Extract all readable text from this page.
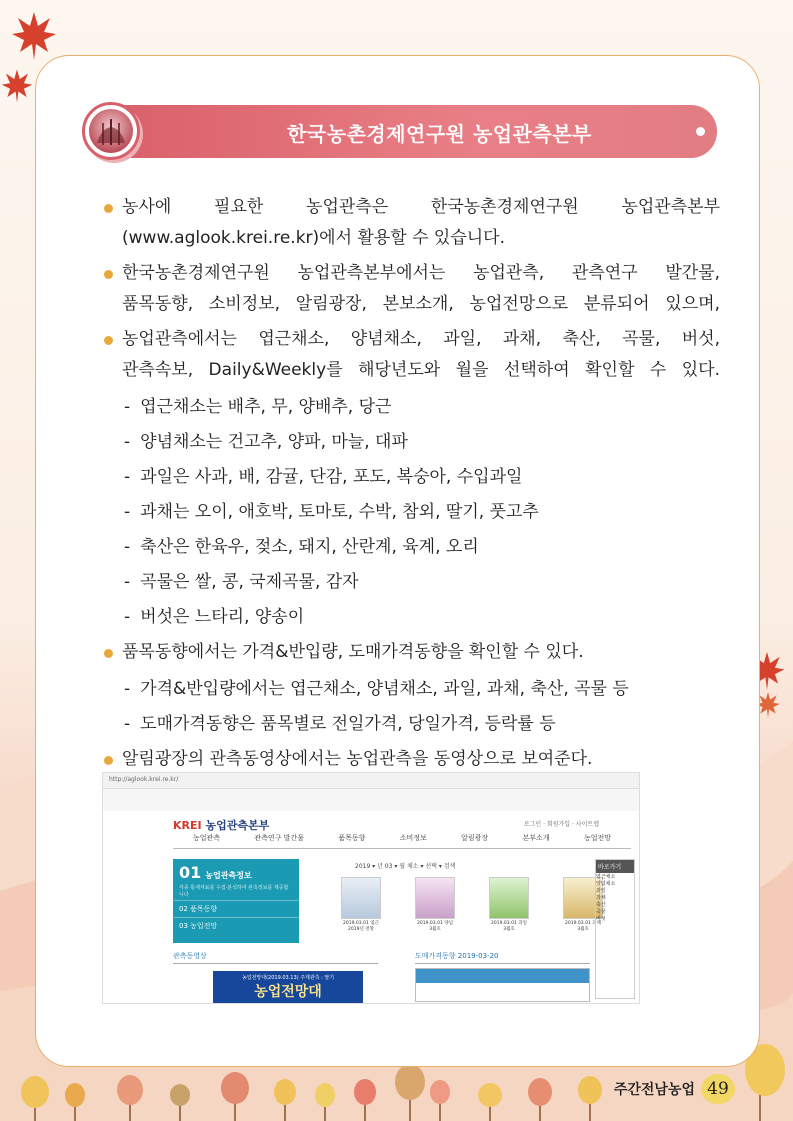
한국농촌경제연구원 농업관측본부
농사에 필요한 농업관측은 한국농촌경제연구원 농업관측본부
(www.aglook.krei.re.kr)에서 활용할 수 있습니다.
한국농촌경제연구원 농업관측본부에서는 농업관측, 관측연구 발간물,
품목동향, 소비정보, 알림광장, 본보소개, 농업전망으로 분류되어 있으며,
농업관측에서는 엽근채소, 양념채소, 과일, 과채, 축산, 곡물, 버섯,
관측속보, Daily&Weekly를 해당년도와 월을 선택하여 확인할 수 있다.
- 엽근채소는 배추, 무, 양배추, 당근
- 양념채소는 건고추, 양파, 마늘, 대파
- 과일은 사과, 배, 감귤, 단감, 포도, 복숭아, 수입과일
- 과채는 오이, 애호박, 토마토, 수박, 참외, 딸기, 풋고추
- 축산은 한육우, 젖소, 돼지, 산란계, 육계, 오리
- 곡물은 쌀, 콩, 국제곡물, 감자
- 버섯은 느타리, 양송이
품목동향에서는 가격&반입량, 도매가격동향을 확인할 수 있다.
- 가격&반입량에서는 엽근채소, 양념채소, 과일, 과채, 축산, 곡물 등
- 도매가격동향은 품목별로 전일가격, 당일가격, 등락률 등
알림광장의 관측동영상에서는 농업관측을 동영상으로 보여준다.
http://aglook.krei.re.kr/
KREI 농업관측본부	로그인 · 회원가입 · 사이트맵
농업관측	관측연구 발간물	품목동향	소비정보	알림광장	본부소개	농업전망
01 농업관측정보
각종 통계자료를 수집·분석하여 관측정보를 제공합니다
02 품목동향
03 농업전망
2019 ▾ 년 03 ▾ 월 채소 ▾ 선택 ▾ 검색
2019.03.01 엽근
2019년 전망
2019.03.01 양념
3월호
2019.03.01 과일
3월호
2019.03.01 과채
3월호
바로가기
엽근채소
양념채소
과일
과채
축산
곡물
버섯
관측동영상	도매가격동향 2019-03-20
농업전망대(2019.03.13) 주제관측 : 딸기
농업전망대
주간전남농업 49
